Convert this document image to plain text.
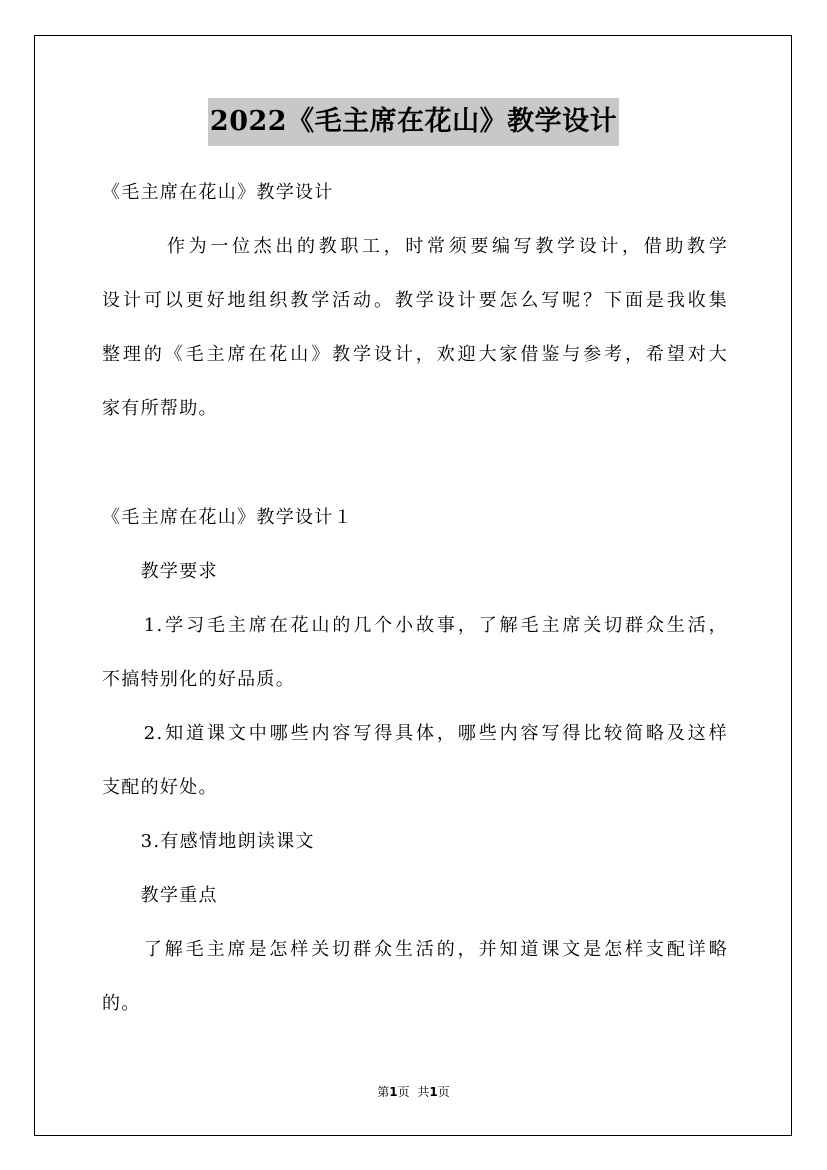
2022《毛主席在花山》教学设计
《毛主席在花山》教学设计
　　　作为一位杰出的教职工，时常须要编写教学设计，借助教学
设计可以更好地组织教学活动。教学设计要怎么写呢？下面是我收集
整理的《毛主席在花山》教学设计，欢迎大家借鉴与参考，希望对大
家有所帮助。
《毛主席在花山》教学设计１
　　教学要求
　　1.学习毛主席在花山的几个小故事，了解毛主席关切群众生活，
不搞特别化的好品质。
　　2.知道课文中哪些内容写得具体，哪些内容写得比较简略及这样
支配的好处。
　　3.有感情地朗读课文
　　教学重点
　　了解毛主席是怎样关切群众生活的，并知道课文是怎样支配详略
的。
第1页 共1页
